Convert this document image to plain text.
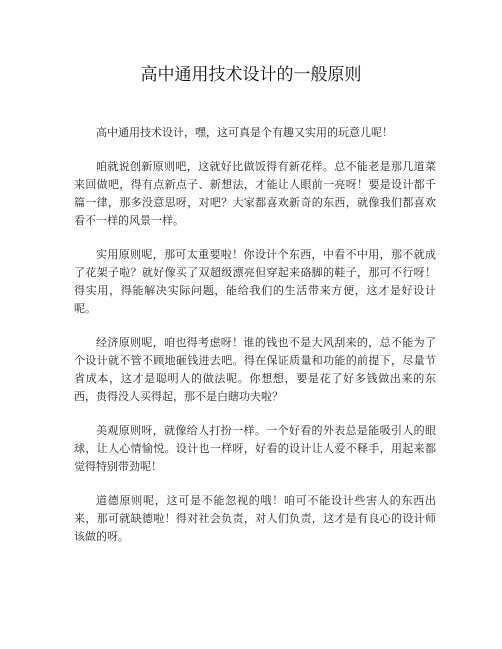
高中通用技术设计的一般原则

高中通用技术设计，嘿，这可真是个有趣又实用的玩意儿呢！

咱就说创新原则吧，这就好比做饭得有新花样。总不能老是那几道菜来回做吧，得有点新点子、新想法，才能让人眼前一亮呀！要是设计都千篇一律，那多没意思呀，对吧？大家都喜欢新奇的东西，就像我们都喜欢看不一样的风景一样。

实用原则呢，那可太重要啦！你设计个东西，中看不中用，那不就成了花架子啦？就好像买了双超级漂亮但穿起来硌脚的鞋子，那可不行呀！得实用，得能解决实际问题，能给我们的生活带来方便，这才是好设计呢。

经济原则呢，咱也得考虑呀！谁的钱也不是大风刮来的，总不能为了个设计就不管不顾地砸钱进去吧。得在保证质量和功能的前提下，尽量节省成本，这才是聪明人的做法呢。你想想，要是花了好多钱做出来的东西，贵得没人买得起，那不是白瞎功夫啦？

美观原则呀，就像给人打扮一样。一个好看的外表总是能吸引人的眼球，让人心情愉悦。设计也一样呀，好看的设计让人爱不释手，用起来都觉得特别带劲呢！

道德原则呢，这可是不能忽视的哦！咱可不能设计些害人的东西出来，那可就缺德啦！得对社会负责，对人们负责，这才是有良心的设计师该做的呀。
